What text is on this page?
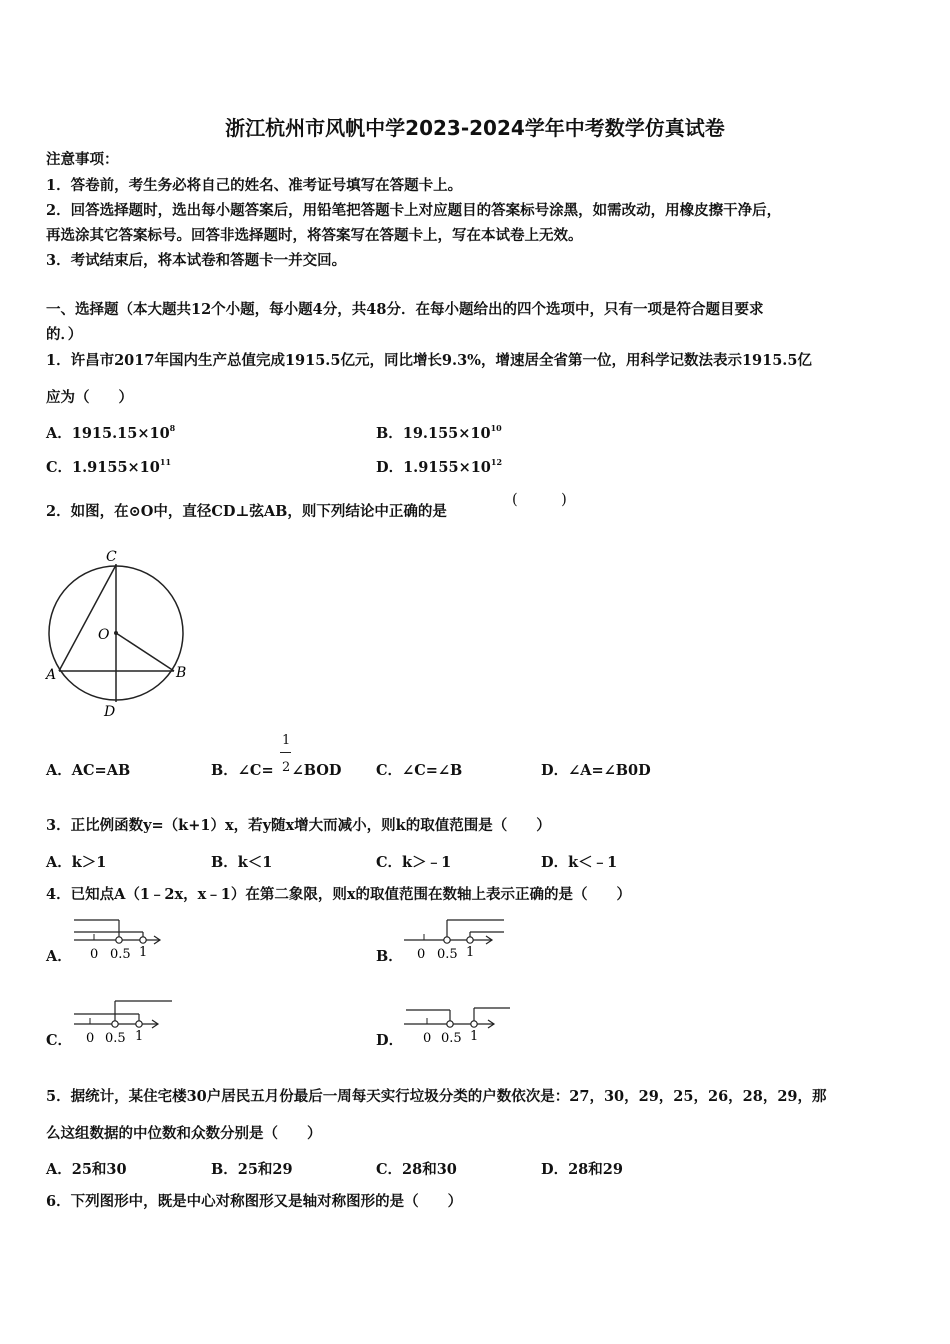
浙江杭州市风帆中学2023-2024学年中考数学仿真试卷
注意事项：
1．答卷前，考生务必将自己的姓名、准考证号填写在答题卡上。
2．回答选择题时，选出每小题答案后，用铅笔把答题卡上对应题目的答案标号涂黑，如需改动，用橡皮擦干净后，
再选涂其它答案标号。回答非选择题时，将答案写在答题卡上，写在本试卷上无效。
3．考试结束后，将本试卷和答题卡一并交回。
一、选择题（本大题共12个小题，每小题4分，共48分．在每小题给出的四个选项中，只有一项是符合题目要求
的．）
1．许昌市2017年国内生产总值完成1915.5亿元，同比增长9.3%，增速居全省第一位，用科学记数法表示1915.5亿
应为（　　）
A．$1915.15\times 10^8$	B．$19.155\times 10^{10}$
C．$1.9155\times 10^{11}$	D．$1.9155\times 10^{12}$
2．如图，在⊙O中，直径CD⊥弦AB，则下列结论中正确的是
(　　　)
C
O
A	B
D
A．AC=AB	B．∠C= ∠BOD
1
2	C．∠C=∠B	D．∠A=∠B0D
3．正比例函数y=（k+1）x，若y随x增大而减小，则k的取值范围是（　　）
A．k＞1	B．k＜1	C．k＞﹣1	D．k＜﹣1
4．已知点A（1﹣2x，x﹣1）在第二象限，则x的取值范围在数轴上表示正确的是（　　）
A． 0 0.5 1	B． 0 0.5 1
C． 0 0.5 1	D． 0 0.5 1
5．据统计，某住宅楼30户居民五月份最后一周每天实行垃圾分类的户数依次是：27，30，29，25，26，28，29，那
么这组数据的中位数和众数分别是（　　）
A．25和30	B．25和29	C．28和30	D．28和29
6．下列图形中，既是中心对称图形又是轴对称图形的是（　　）
